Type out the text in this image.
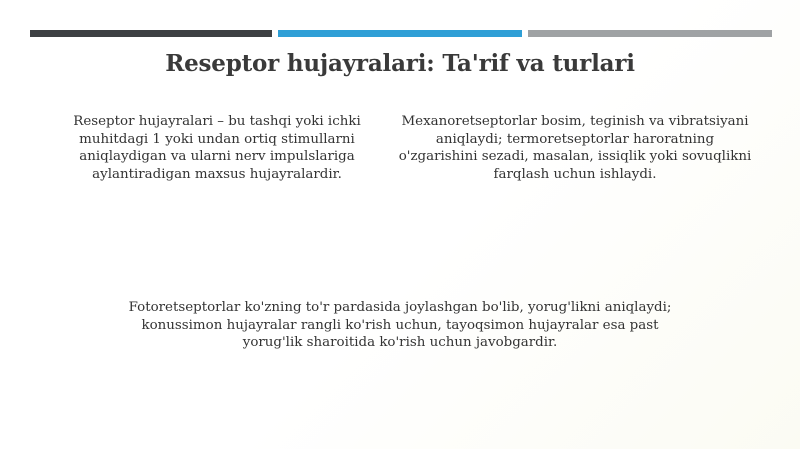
Reseptor hujayralari: Ta'rif va turlari
Reseptor hujayralari – bu tashqi yoki ichki muhitdagi 1 yoki undan ortiq stimullarni aniqlaydigan va ularni nerv impulslariga aylantiradigan maxsus hujayralardir.
Mexanoretseptorlar bosim, teginish va vibratsiyani aniqlaydi; termoretseptorlar haroratning o'zgarishini sezadi, masalan, issiqlik yoki sovuqlikni farqlash uchun ishlaydi.
Fotoretseptorlar ko'zning to'r pardasida joylashgan bo'lib, yorug'likni aniqlaydi; konussimon hujayralar rangli ko'rish uchun, tayoqsimon hujayralar esa past yorug'lik sharoitida ko'rish uchun javobgardir.
